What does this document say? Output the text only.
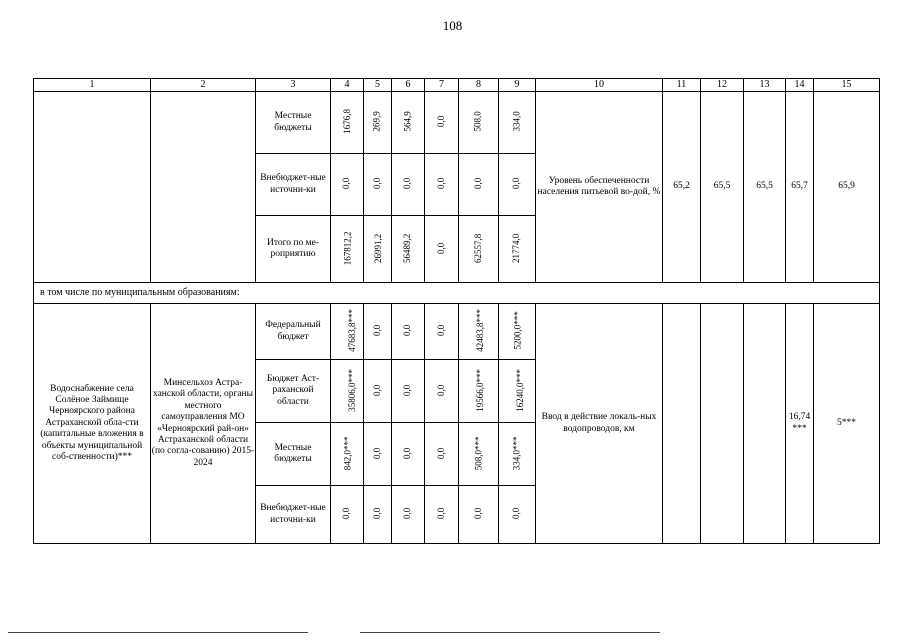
108
1	2	3	4	5	6	7	8	9	10	11	12	13	14	15
		Местные бюджеты	1676,8	269,9	564,9	0,0	508,0	334,0	Уровень обеспеченности населения питьевой во-дой, %	65,2	65,5	65,5	65,7	65,9
		Внебюджет-ные источни-ки	0,0	0,0	0,0	0,0	0,0	0,0						
		Итого по ме-роприятию	167812,2	26991,2	56489,2	0,0	62557,8	21774,0						
в том числе по муниципальным образованиям:														
Водоснабжение села Солёное Займище Черноярского района Астраханской обла-сти (капитальные вложения в объекты муниципальной соб-ственности)***	Минсельхоз Астра-ханской области, органы местного самоуправления МО «Черноярский рай-он» Астраханской области (по согла-сованию) 2015-2024	Федеральный бюджет	47683,8***	0,0	0,0	0,0	42483,8***	5200,0***	Ввод в действие локаль-ных водопроводов, км				16,74 ***	5***
		Бюджет Аст-раханской области	35806,0***	0,0	0,0	0,0	19566,0***	16240,0***						
		Местные бюджеты	842,0***	0,0	0,0	0,0	508,0***	334,0***						
		Внебюджет-ные источни-ки	0,0	0,0	0,0	0,0	0,0	0,0						
